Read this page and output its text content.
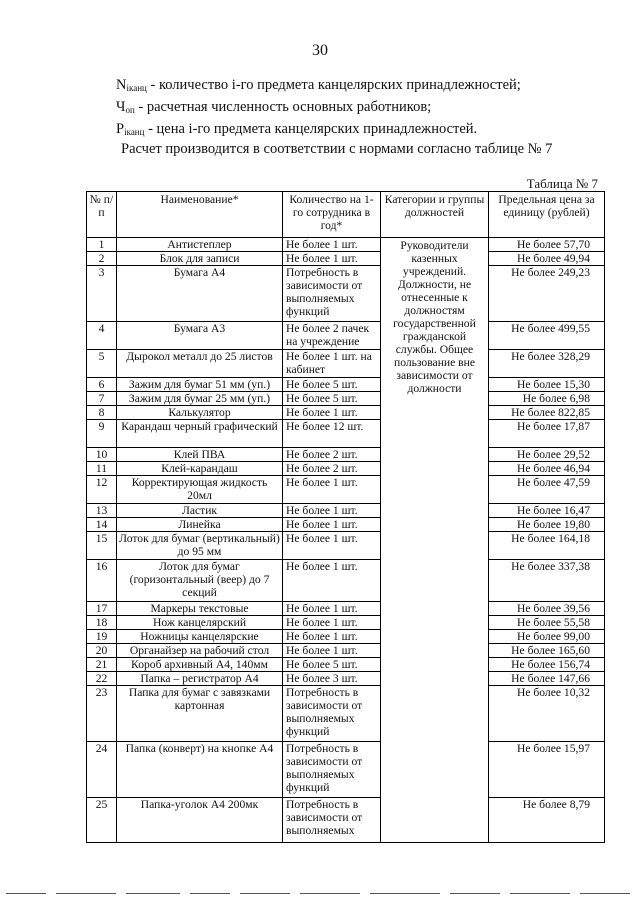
30
$N_{iканц}$ - количество i-го предмета канцелярских принадлежностей;
$Ч_{оп}$ - расчетная численность основных работников;
$P_{iканц}$ - цена i-го предмета канцелярских принадлежностей.
Расчет производится в соответствии с нормами согласно таблице № 7
Таблица № 7
№ п/п	Наименование*	Количество на 1-го сотрудника в год*	Категории и группы должностей	Предельная цена за единицу (рублей)
1	Антистеплер	Не более 1 шт.	Руководители казенных учреждений. Должности, не отнесенные к должностям государственной гражданской службы. Общее пользование вне зависимости от должности	Не более 57,70
2	Блок для записи	Не более 1 шт.		Не более 49,94
3	Бумага А4	Потребность в зависимости от выполняемых функций		Не более 249,23
4	Бумага А3	Не более 2 пачек на учреждение		Не более 499,55
5	Дырокол металл до 25 листов	Не более 1 шт. на кабинет		Не более 328,29
6	Зажим для бумаг 51 мм (уп.)	Не более 5 шт.		Не более 15,30
7	Зажим для бумаг 25 мм (уп.)	Не более 5 шт.		Не более 6,98
8	Калькулятор	Не более 1 шт.		Не более 822,85
9	Карандаш черный графический	Не более 12 шт.		Не более 17,87
10	Клей ПВА	Не более 2 шт.		Не более 29,52
11	Клей-карандаш	Не более 2 шт.		Не более 46,94
12	Корректирующая жидкость 20мл	Не более 1 шт.		Не более 47,59
13	Ластик	Не более 1 шт.		Не более 16,47
14	Линейка	Не более 1 шт.		Не более 19,80
15	Лоток для бумаг (вертикальный) до 95 мм	Не более 1 шт.		Не более 164,18
16	Лоток для бумаг (горизонтальный (веер) до 7 секций	Не более 1 шт.		Не более 337,38
17	Маркеры текстовые	Не более 1 шт.		Не более 39,56
18	Нож канцелярский	Не более 1 шт.		Не более 55,58
19	Ножницы канцелярские	Не более 1 шт.		Не более 99,00
20	Органайзер на рабочий стол	Не более 1 шт.		Не более 165,60
21	Короб архивный А4, 140мм	Не более 5 шт.		Не более 156,74
22	Папка – регистратор А4	Не более 3 шт.		Не более 147,66
23	Папка для бумаг с завязками картонная	Потребность в зависимости от выполняемых функций		Не более 10,32
24	Папка (конверт) на кнопке А4	Потребность в зависимости от выполняемых функций		Не более 15,97
25	Папка-уголок А4 200мк	Потребность в зависимости от выполняемых		Не более 8,79
